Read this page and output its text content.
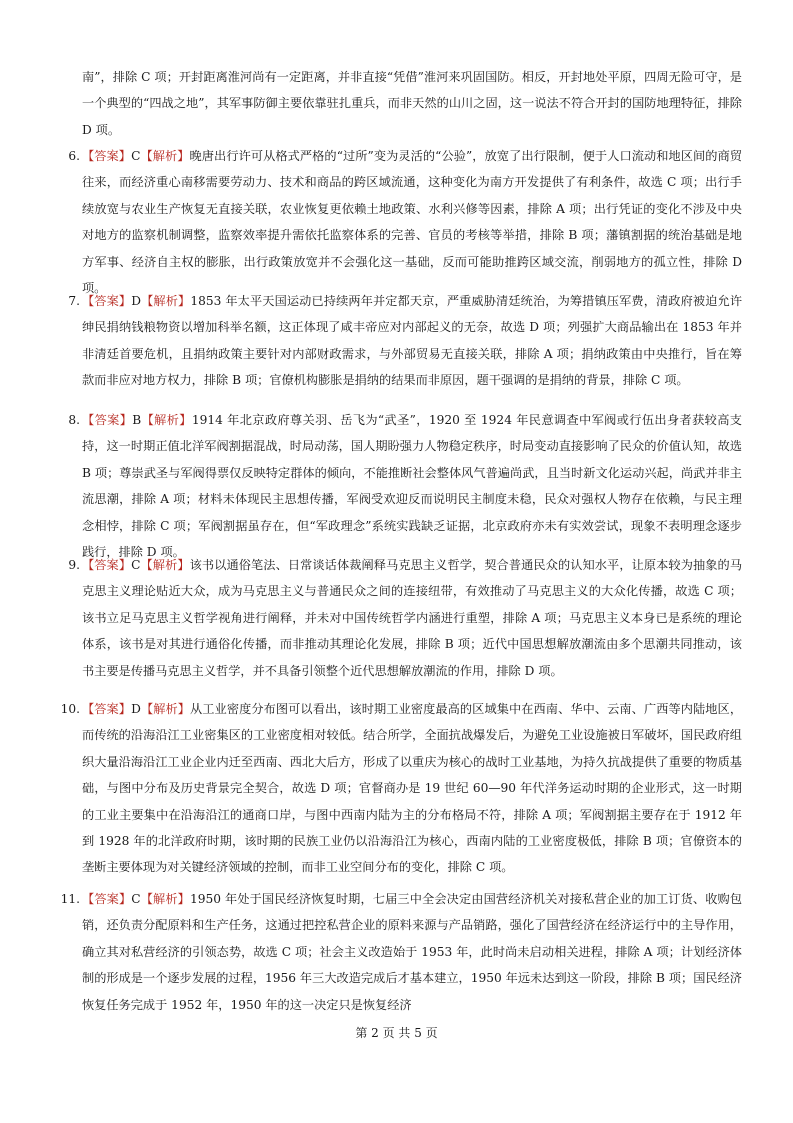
南”，排除 C 项；开封距离淮河尚有一定距离，并非直接“凭借”淮河来巩固国防。相反，开封地处平原，四周无险可守，是一个典型的“四战之地”，其军事防御主要依靠驻扎重兵，而非天然的山川之固，这一说法不符合开封的国防地理特征，排除 D 项。

6. 【答案】C【解析】晚唐出行许可从格式严格的“过所”变为灵活的“公验”，放宽了出行限制，便于人口流动和地区间的商贸往来，而经济重心南移需要劳动力、技术和商品的跨区域流通，这种变化为南方开发提供了有利条件，故选 C 项；出行手续放宽与农业生产恢复无直接关联，农业恢复更依赖土地政策、水利兴修等因素，排除 A 项；出行凭证的变化不涉及中央对地方的监察机制调整，监察效率提升需依托监察体系的完善、官员的考核等举措，排除 B 项；藩镇割据的统治基础是地方军事、经济自主权的膨胀，出行政策放宽并不会强化这一基础，反而可能助推跨区域交流，削弱地方的孤立性，排除 D 项。
7. 【答案】D【解析】1853 年太平天国运动已持续两年并定都天京，严重威胁清廷统治，为筹措镇压军费，清政府被迫允许绅民捐纳钱粮物资以增加科举名额，这正体现了咸丰帝应对内部起义的无奈，故选 D 项；列强扩大商品输出在 1853 年并非清廷首要危机，且捐纳政策主要针对内部财政需求，与外部贸易无直接关联，排除 A 项；捐纳政策由中央推行，旨在筹款而非应对地方权力，排除 B 项；官僚机构膨胀是捐纳的结果而非原因，题干强调的是捐纳的背景，排除 C 项。
8. 【答案】B【解析】1914 年北京政府尊关羽、岳飞为“武圣”，1920 至 1924 年民意调查中军阀或行伍出身者获较高支持，这一时期正值北洋军阀割据混战，时局动荡，国人期盼强力人物稳定秩序，时局变动直接影响了民众的价值认知，故选 B 项；尊崇武圣与军阀得票仅反映特定群体的倾向，不能推断社会整体风气普遍尚武，且当时新文化运动兴起，尚武并非主流思潮，排除 A 项；材料未体现民主思想传播，军阀受欢迎反而说明民主制度未稳，民众对强权人物存在依赖，与民主理念相悖，排除 C 项；军阀割据虽存在，但“军政理念”系统实践缺乏证据，北京政府亦未有实效尝试，现象不表明理念逐步践行，排除 D 项。
9. 【答案】C【解析】该书以通俗笔法、日常谈话体裁阐释马克思主义哲学，契合普通民众的认知水平，让原本较为抽象的马克思主义理论贴近大众，成为马克思主义与普通民众之间的连接纽带，有效推动了马克思主义的大众化传播，故选 C 项；该书立足马克思主义哲学视角进行阐释，并未对中国传统哲学内涵进行重塑，排除 A 项；马克思主义本身已是系统的理论体系，该书是对其进行通俗化传播，而非推动其理论化发展，排除 B 项；近代中国思想解放潮流由多个思潮共同推动，该书主要是传播马克思主义哲学，并不具备引领整个近代思想解放潮流的作用，排除 D 项。
10. 【答案】D【解析】从工业密度分布图可以看出，该时期工业密度最高的区域集中在西南、华中、云南、广西等内陆地区，而传统的沿海沿江工业密集区的工业密度相对较低。结合所学，全面抗战爆发后，为避免工业设施被日军破坏，国民政府组织大量沿海沿江工业企业内迁至西南、西北大后方，形成了以重庆为核心的战时工业基地，为持久抗战提供了重要的物质基础，与图中分布及历史背景完全契合，故选 D 项；官督商办是 19 世纪 60—90 年代洋务运动时期的企业形式，这一时期的工业主要集中在沿海沿江的通商口岸，与图中西南内陆为主的分布格局不符，排除 A 项；军阀割据主要存在于 1912 年到 1928 年的北洋政府时期，该时期的民族工业仍以沿海沿江为核心，西南内陆的工业密度极低，排除 B 项；官僚资本的垄断主要体现为对关键经济领域的控制，而非工业空间分布的变化，排除 C 项。
11. 【答案】C【解析】1950 年处于国民经济恢复时期，七届三中全会决定由国营经济机关对接私营企业的加工订货、收购包销，还负责分配原料和生产任务，这通过把控私营企业的原料来源与产品销路，强化了国营经济在经济运行中的主导作用，确立其对私营经济的引领态势，故选 C 项；社会主义改造始于 1953 年，此时尚未启动相关进程，排除 A 项；计划经济体制的形成是一个逐步发展的过程，1956 年三大改造完成后才基本建立，1950 年远未达到这一阶段，排除 B 项；国民经济恢复任务完成于 1952 年，1950 年的这一决定只是恢复经济
第 2 页 共 5 页
